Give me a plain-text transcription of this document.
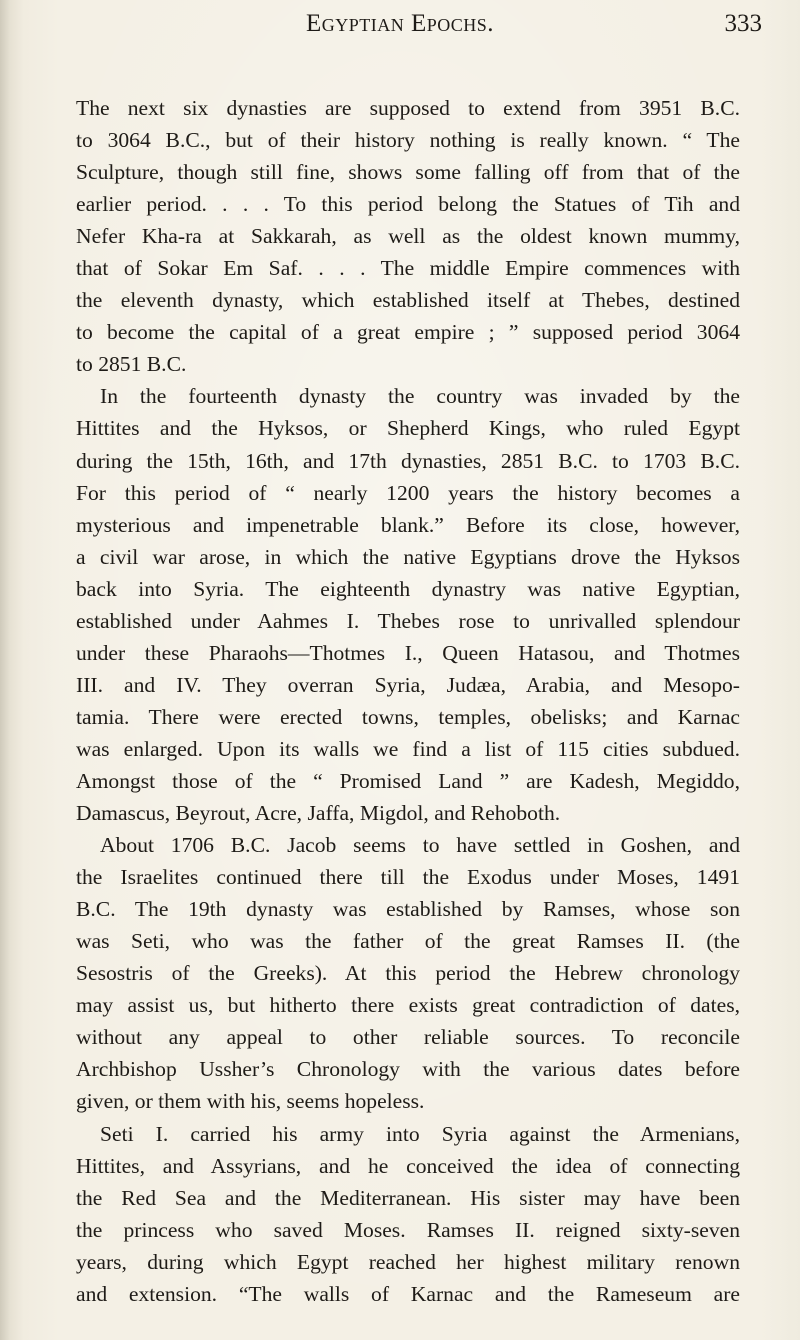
Egyptian Epochs.	333
The next six dynasties are supposed to extend from 3951 B.C.
to 3064 B.C., but of their history nothing is really known. “ The
Sculpture, though still fine, shows some falling off from that of the
earlier period. . . . To this period belong the Statues of Tih and
Nefer Kha-ra at Sakkarah, as well as the oldest known mummy,
that of Sokar Em Saf. . . . The middle Empire commences with
the eleventh dynasty, which established itself at Thebes, destined
to become the capital of a great empire ; ” supposed period 3064
to 2851 B.C.
In the fourteenth dynasty the country was invaded by the
Hittites and the Hyksos, or Shepherd Kings, who ruled Egypt
during the 15th, 16th, and 17th dynasties, 2851 B.C. to 1703 B.C.
For this period of “ nearly 1200 years the history becomes a
mysterious and impenetrable blank.” Before its close, however,
a civil war arose, in which the native Egyptians drove the Hyksos
back into Syria. The eighteenth dynastry was native Egyptian,
established under Aahmes I. Thebes rose to unrivalled splendour
under these Pharaohs—Thotmes I., Queen Hatasou, and Thotmes
III. and IV. They overran Syria, Judæa, Arabia, and Mesopo-
tamia. There were erected towns, temples, obelisks; and Karnac
was enlarged. Upon its walls we find a list of 115 cities subdued.
Amongst those of the “ Promised Land ” are Kadesh, Megiddo,
Damascus, Beyrout, Acre, Jaffa, Migdol, and Rehoboth.
About 1706 B.C. Jacob seems to have settled in Goshen, and
the Israelites continued there till the Exodus under Moses, 1491
B.C. The 19th dynasty was established by Ramses, whose son
was Seti, who was the father of the great Ramses II. (the
Sesostris of the Greeks). At this period the Hebrew chronology
may assist us, but hitherto there exists great contradiction of dates,
without any appeal to other reliable sources. To reconcile
Archbishop Ussher’s Chronology with the various dates before
given, or them with his, seems hopeless.
Seti I. carried his army into Syria against the Armenians,
Hittites, and Assyrians, and he conceived the idea of connecting
the Red Sea and the Mediterranean. His sister may have been
the princess who saved Moses. Ramses II. reigned sixty-seven
years, during which Egypt reached her highest military renown
and extension. “The walls of Karnac and the Rameseum are
